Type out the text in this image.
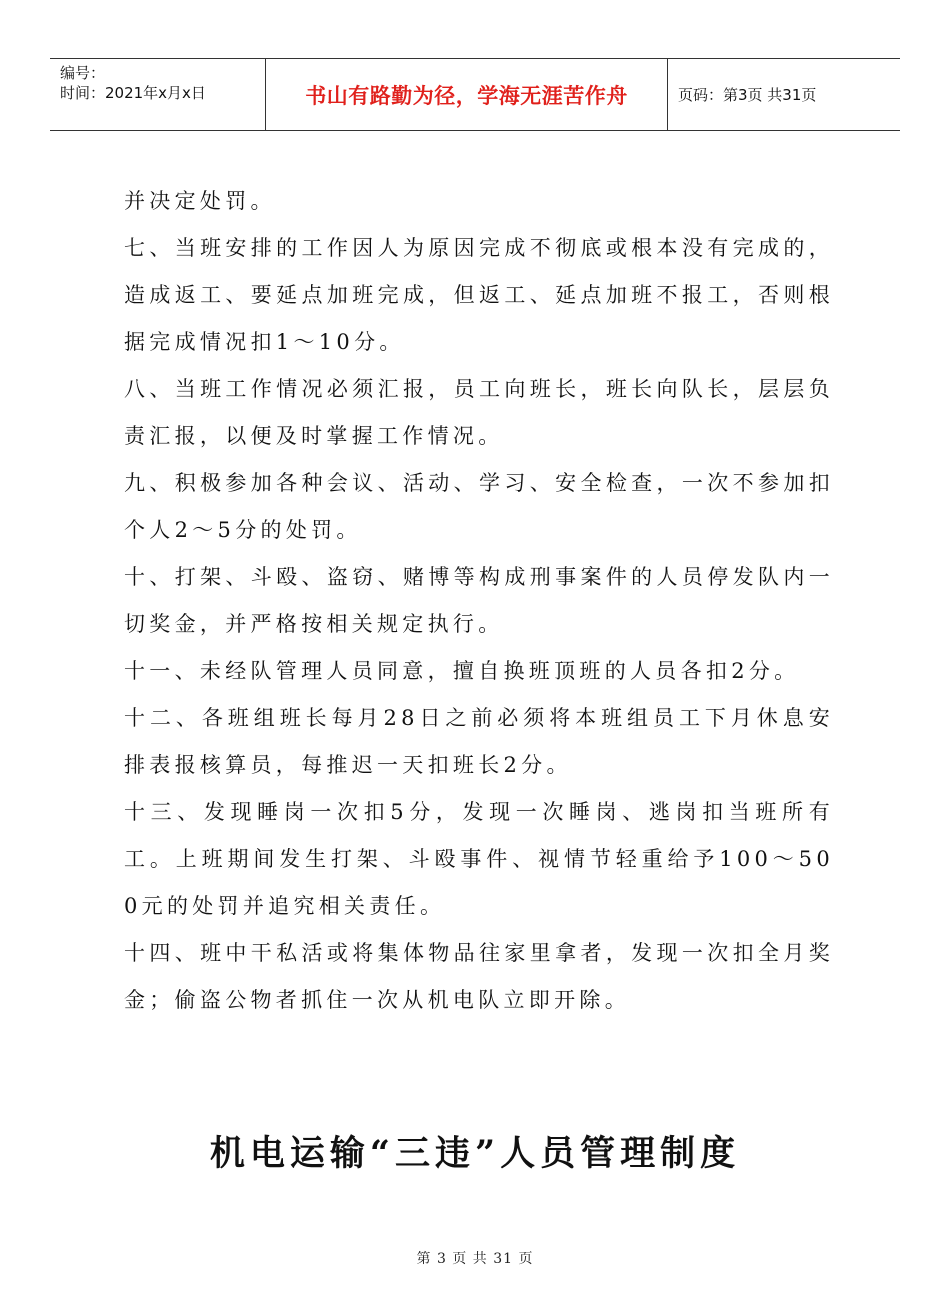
编号：
时间：2021年x月x日	书山有路勤为径，学海无涯苦作舟	页码：第3页 共31页

并决定处罚。

七、当班安排的工作因人为原因完成不彻底或根本没有完成的，造成返工、要延点加班完成，但返工、延点加班不报工，否则根据完成情况扣1～10分。

八、当班工作情况必须汇报，员工向班长，班长向队长，层层负责汇报，以便及时掌握工作情况。

九、积极参加各种会议、活动、学习、安全检查，一次不参加扣个人2～5分的处罚。

十、打架、斗殴、盗窃、赌博等构成刑事案件的人员停发队内一切奖金，并严格按相关规定执行。

十一、未经队管理人员同意，擅自换班顶班的人员各扣2分。

十二、各班组班长每月28日之前必须将本班组员工下月休息安排表报核算员，每推迟一天扣班长2分。

十三、发现睡岗一次扣5分，发现一次睡岗、逃岗扣当班所有工。上班期间发生打架、斗殴事件、视情节轻重给予100～500元的处罚并追究相关责任。

十四、班中干私活或将集体物品往家里拿者，发现一次扣全月奖金；偷盗公物者抓住一次从机电队立即开除。

机电运输“三违”人员管理制度
第 3 页 共 31 页
